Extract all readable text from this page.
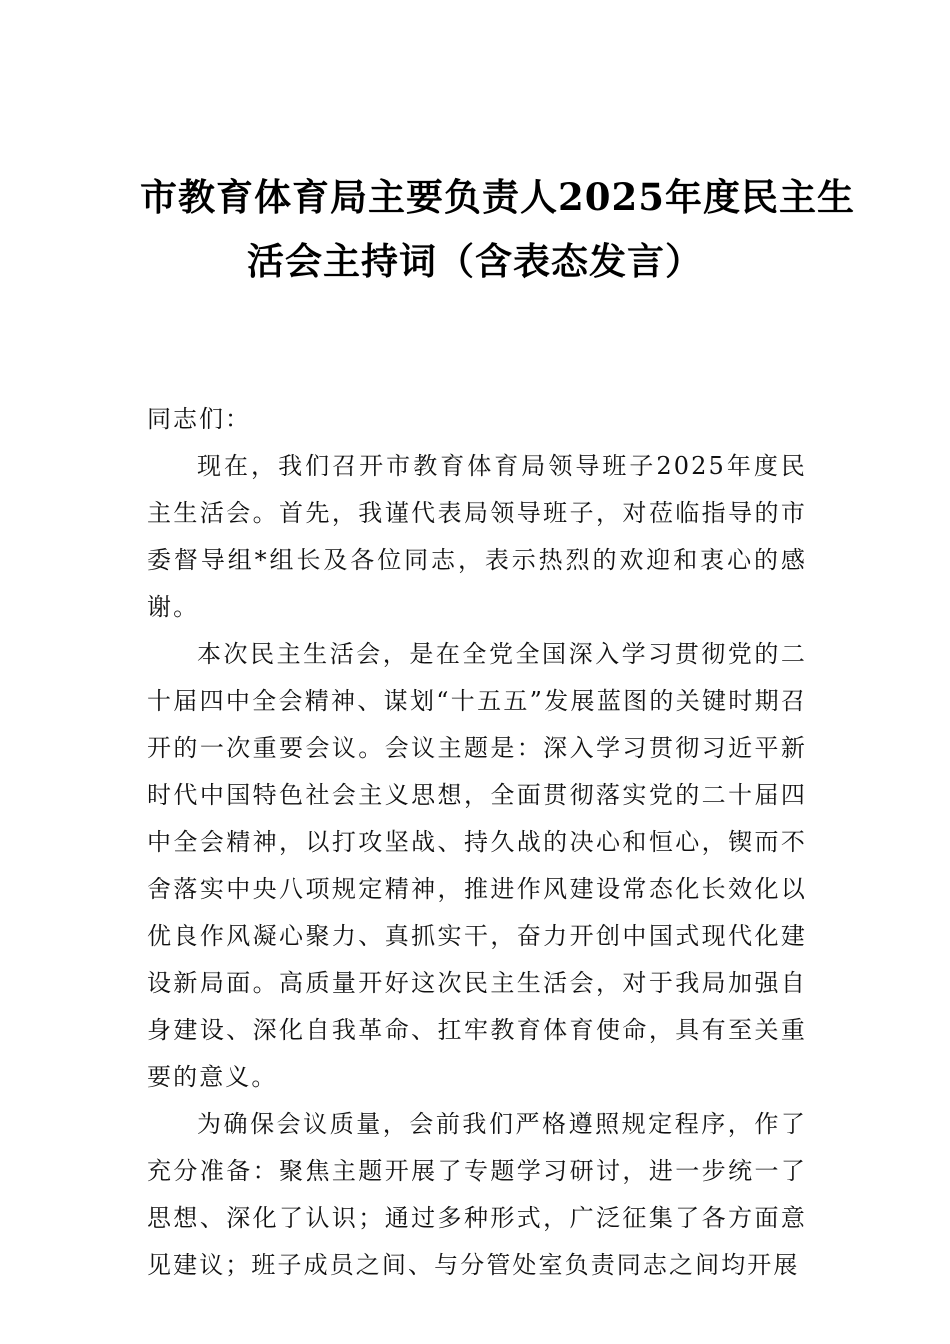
市教育体育局主要负责人2025年度民主生
活会主持词（含表态发言）

同志们：

现在，我们召开市教育体育局领导班子2025年度民主生活会。首先，我谨代表局领导班子，对莅临指导的市委督导组*组长及各位同志，表示热烈的欢迎和衷心的感谢。

本次民主生活会，是在全党全国深入学习贯彻党的二十届四中全会精神、谋划“十五五”发展蓝图的关键时期召开的一次重要会议。会议主题是：深入学习贯彻习近平新时代中国特色社会主义思想，全面贯彻落实党的二十届四中全会精神，以打攻坚战、持久战的决心和恒心，锲而不舍落实中央八项规定精神，推进作风建设常态化长效化以优良作风凝心聚力、真抓实干，奋力开创中国式现代化建设新局面。高质量开好这次民主生活会，对于我局加强自身建设、深化自我革命、扛牢教育体育使命，具有至关重要的意义。

为确保会议质量，会前我们严格遵照规定程序，作了充分准备：聚焦主题开展了专题学习研讨，进一步统一了思想、深化了认识；通过多种形式，广泛征集了各方面意见建议；班子成员之间、与分管处室负责同志之间均开展
